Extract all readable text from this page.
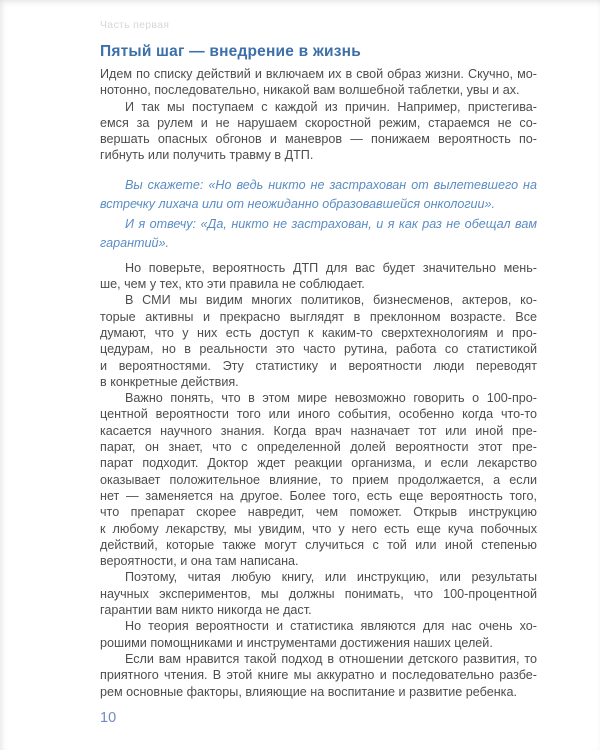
Часть первая
Пятый шаг — внедрение в жизнь
Идем по списку действий и включаем их в свой образ жизни. Скучно, мо-
нотонно, последовательно, никакой вам волшебной таблетки, увы и ах.
И так мы поступаем с каждой из причин. Например, пристегива-
емся за рулем и не нарушаем скоростной режим, стараемся не со-
вершать опасных обгонов и маневров — понижаем вероятность по-
гибнуть или получить травму в ДТП.
Вы скажете: «Но ведь никто не застрахован от вылетевшего на
встречку лихача или от неожиданно образовавшейся онкологии».
И я отвечу: «Да, никто не застрахован, и я как раз не обещал вам
гарантий».
Но поверьте, вероятность ДТП для вас будет значительно мень-
ше, чем у тех, кто эти правила не соблюдает.
В СМИ мы видим многих политиков, бизнесменов, актеров, ко-
торые активны и прекрасно выглядят в преклонном возрасте. Все
думают, что у них есть доступ к каким-то сверхтехнологиям и про-
цедурам, но в реальности это часто рутина, работа со статистикой
и вероятностями. Эту статистику и вероятности люди переводят
в конкретные действия.
Важно понять, что в этом мире невозможно говорить о 100-про-
центной вероятности того или иного события, особенно когда что-то
касается научного знания. Когда врач назначает тот или иной пре-
парат, он знает, что с определенной долей вероятности этот пре-
парат подходит. Доктор ждет реакции организма, и если лекарство
оказывает положительное влияние, то прием продолжается, а если
нет — заменяется на другое. Более того, есть еще вероятность того,
что препарат скорее навредит, чем поможет. Открыв инструкцию
к любому лекарству, мы увидим, что у него есть еще куча побочных
действий, которые также могут случиться с той или иной степенью
вероятности, и она там написана.
Поэтому, читая любую книгу, или инструкцию, или результаты
научных экспериментов, мы должны понимать, что 100-процентной
гарантии вам никто никогда не даст.
Но теория вероятности и статистика являются для нас очень хо-
рошими помощниками и инструментами достижения наших целей.
Если вам нравится такой подход в отношении детского развития, то
приятного чтения. В этой книге мы аккуратно и последовательно разбе-
рем основные факторы, влияющие на воспитание и развитие ребенка.
10
